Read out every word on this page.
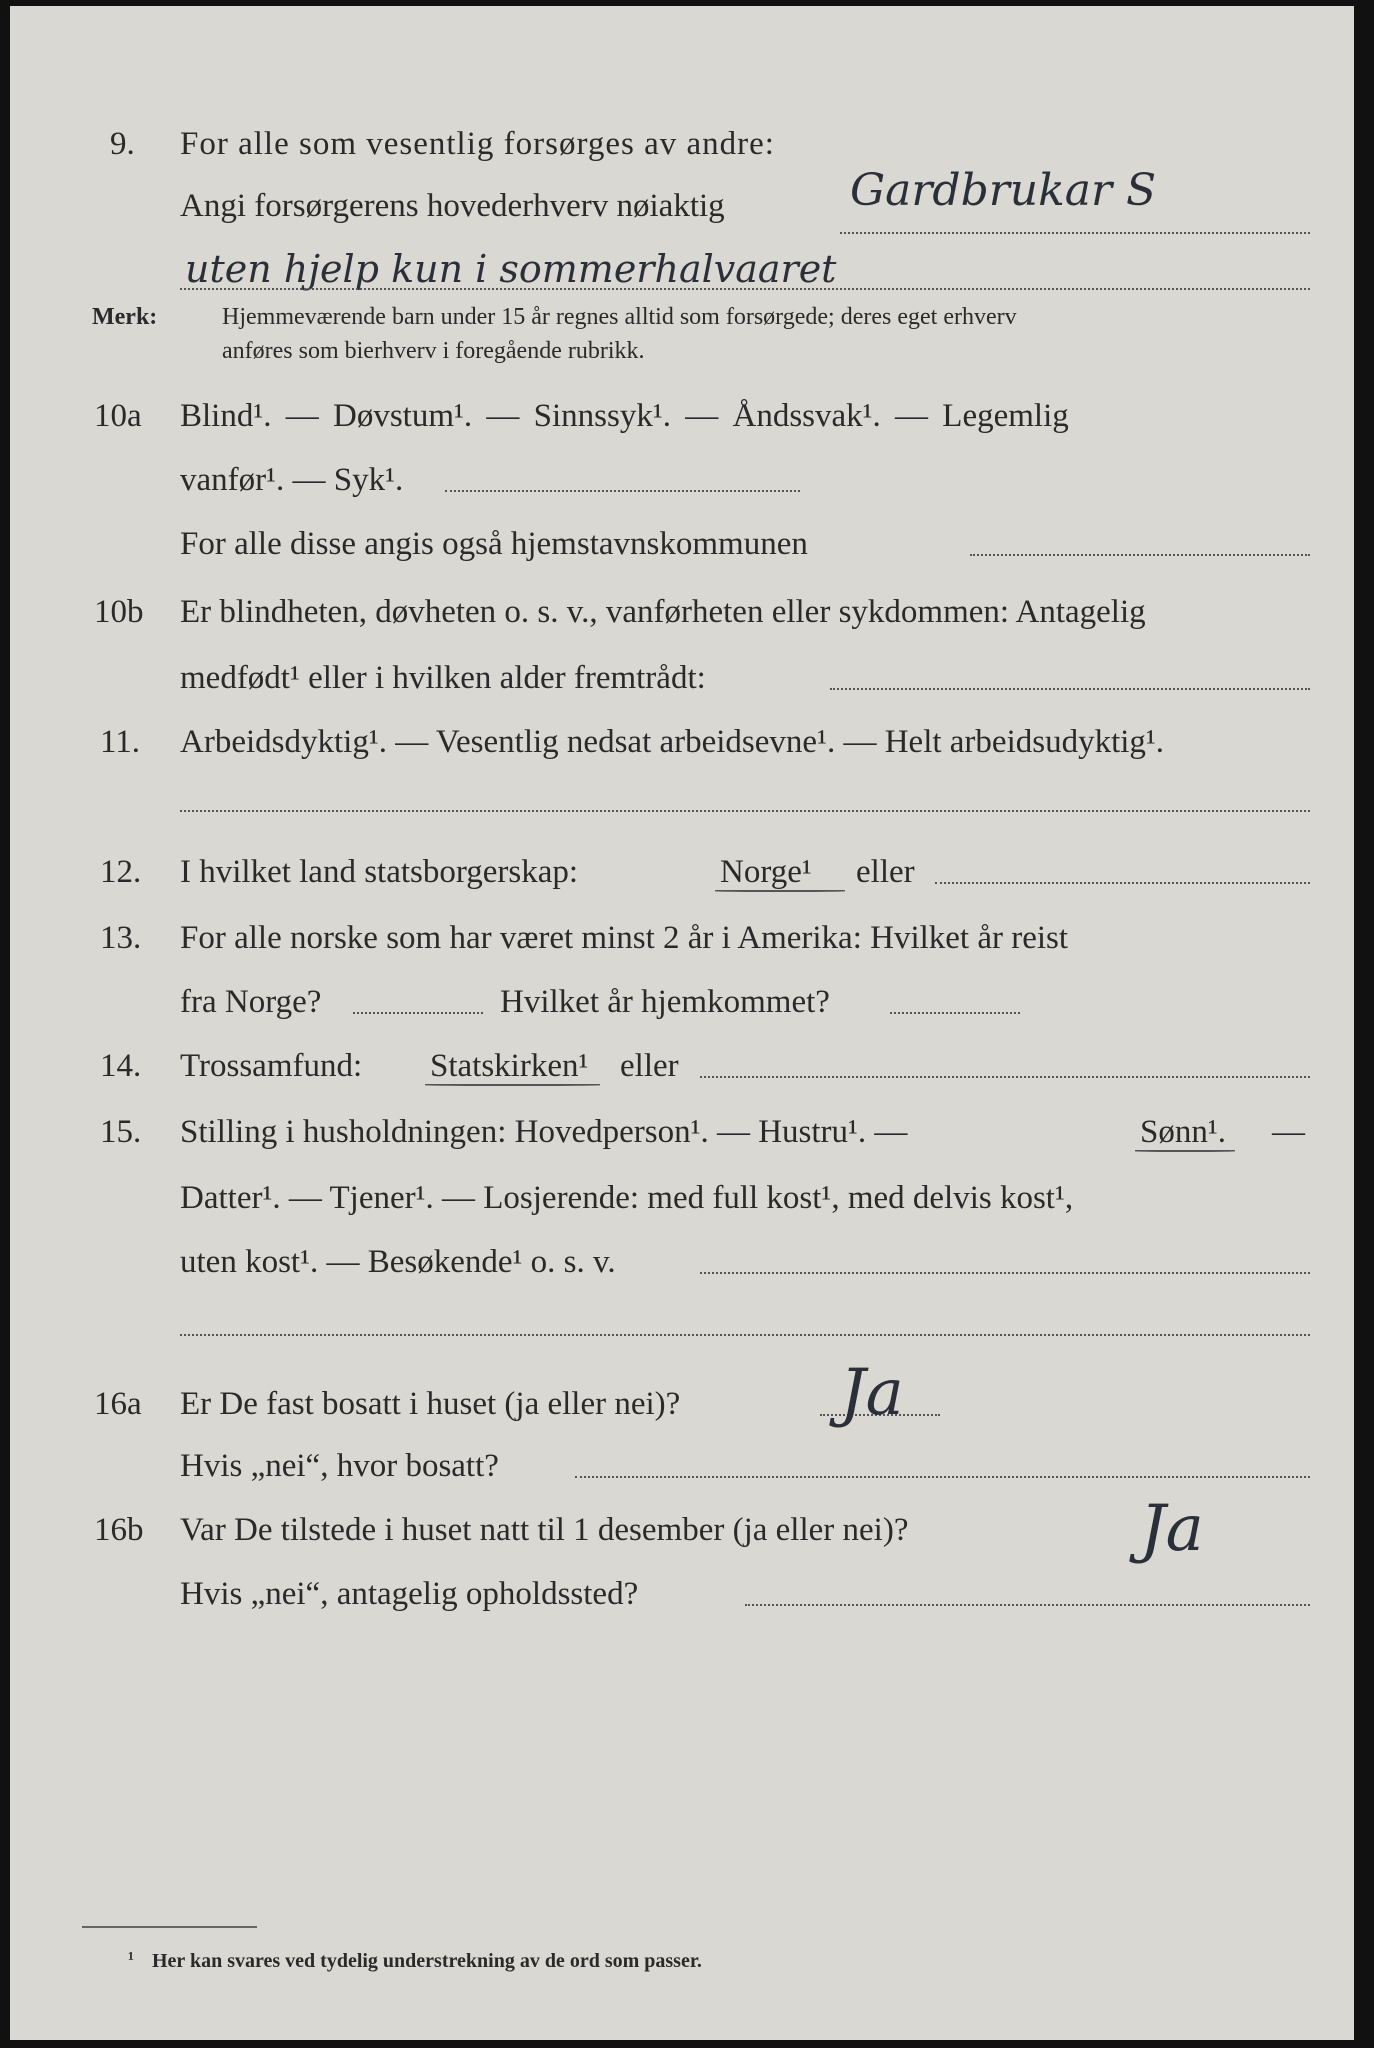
9. For alle som vesentlig forsørges av andre:
Angi forsørgerens hovederhverv nøiaktig	Gardbrukar S
uten hjelp kun i sommerhalvaaret
Merk:	Hjemmeværende barn under 15 år regnes alltid som forsørgede; deres eget erhverv
anføres som bierhverv i foregående rubrikk.
10a Blind¹. — Døvstum¹. — Sinnssyk¹. — Åndssvak¹. — Legemlig
vanfør¹. — Syk¹.
For alle disse angis også hjemstavnskommunen
10b Er blindheten, døvheten o. s. v., vanførheten eller sykdommen: Antagelig
medfødt¹ eller i hvilken alder fremtrådt:
11. Arbeidsdyktig¹. — Vesentlig nedsat arbeidsevne¹. — Helt arbeidsudyktig¹.
12. I hvilket land statsborgerskap:	Norge¹ eller
13. For alle norske som har været minst 2 år i Amerika: Hvilket år reist
fra Norge?	Hvilket år hjemkommet?
14. Trossamfund: Statskirken¹ eller
15. Stilling i husholdningen: Hovedperson¹. — Hustru¹. —	Sønn¹. —
Datter¹. — Tjener¹. — Losjerende: med full kost¹, med delvis kost¹,
uten kost¹. — Besøkende¹ o. s. v.
16a Er De fast bosatt i huset (ja eller nei)? Ja
Hvis „nei“, hvor bosatt?
16b Var De tilstede i huset natt til 1 desember (ja eller nei)?	Ja
Hvis „nei“, antagelig opholdssted?
¹ Her kan svares ved tydelig understrekning av de ord som passer.
